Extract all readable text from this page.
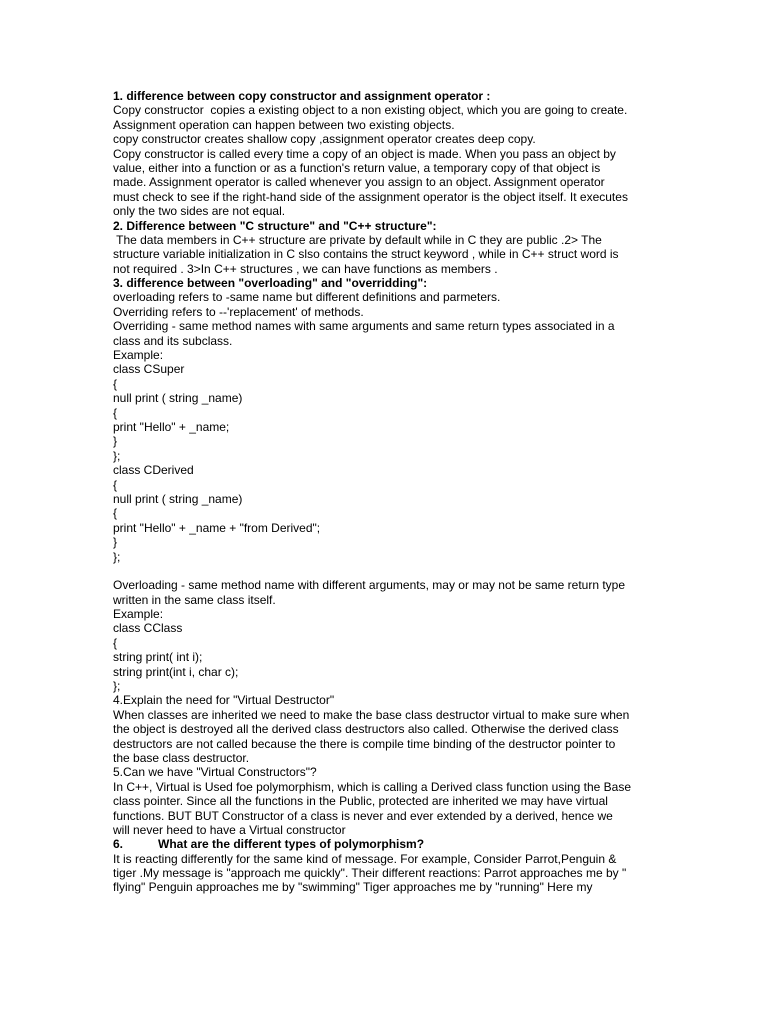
1. difference between copy constructor and assignment operator :
Copy constructor  copies a existing object to a non existing object, which you are going to create.
Assignment operation can happen between two existing objects.
copy constructor creates shallow copy ,assignment operator creates deep copy.
Copy constructor is called every time a copy of an object is made. When you pass an object by
value, either into a function or as a function's return value, a temporary copy of that object is
made. Assignment operator is called whenever you assign to an object. Assignment operator
must check to see if the right-hand side of the assignment operator is the object itself. It executes
only the two sides are not equal.
2. Difference between "C structure" and "C++ structure":
The data members in C++ structure are private by default while in C they are public .2> The
structure variable initialization in C slso contains the struct keyword , while in C++ struct word is
not required . 3>In C++ structures , we can have functions as members .
3. difference between "overloading" and "overridding":
overloading refers to -same name but different definitions and parmeters.
Overriding refers to --'replacement' of methods.
Overriding - same method names with same arguments and same return types associated in a
class and its subclass.
Example:
class CSuper
{
null print ( string _name)
{
print "Hello" + _name;
}
};
class CDerived
{
null print ( string _name)
{
print "Hello" + _name + "from Derived";
}
};
Overloading - same method name with different arguments, may or may not be same return type
written in the same class itself.
Example:
class CClass
{
string print( int i);
string print(int i, char c);
};
4.Explain the need for "Virtual Destructor"
When classes are inherited we need to make the base class destructor virtual to make sure when
the object is destroyed all the derived class destructors also called. Otherwise the derived class
destructors are not called because the there is compile time binding of the destructor pointer to
the base class destructor.
5.Can we have "Virtual Constructors"?
In C++, Virtual is Used foe polymorphism, which is calling a Derived class function using the Base
class pointer. Since all the functions in the Public, protected are inherited we may have virtual
functions. BUT BUT Constructor of a class is never and ever extended by a derived, hence we
will never heed to have a Virtual constructor
6.	What are the different types of polymorphism?
It is reacting differently for the same kind of message. For example, Consider Parrot,Penguin &
tiger .My message is "approach me quickly". Their different reactions: Parrot approaches me by "
flying" Penguin approaches me by "swimming" Tiger approaches me by "running" Here my
